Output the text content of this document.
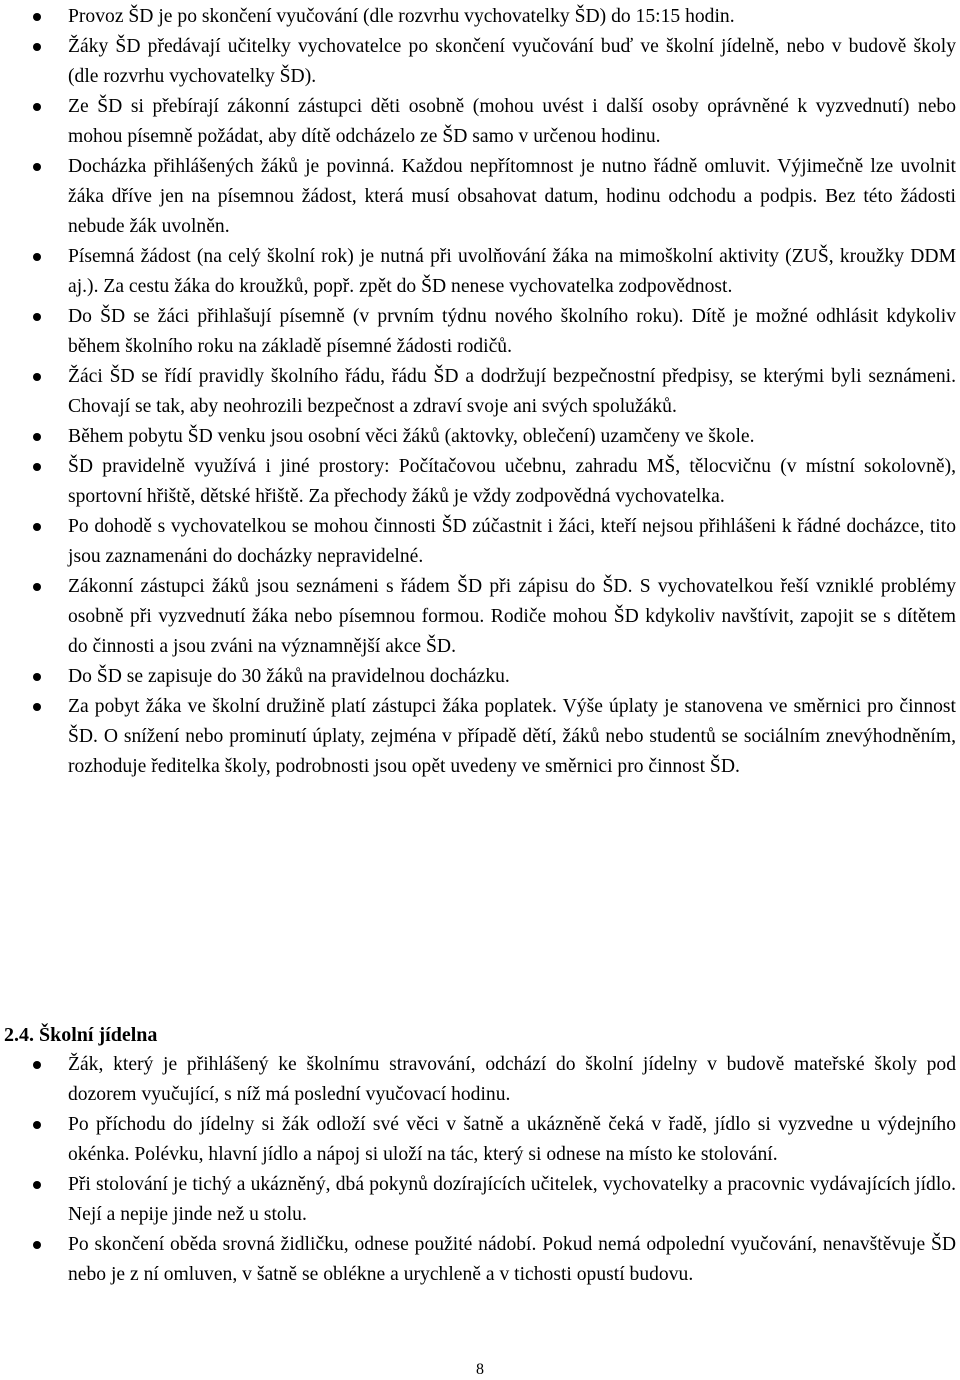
Provoz ŠD je po skončení vyučování (dle rozvrhu vychovatelky ŠD) do 15:15 hodin.
Žáky ŠD předávají učitelky vychovatelce po skončení vyučování buď ve školní jídelně, nebo v budově školy (dle rozvrhu vychovatelky ŠD).
Ze ŠD si přebírají zákonní zástupci děti osobně (mohou uvést i další osoby oprávněné k vyzvednutí) nebo mohou písemně požádat, aby dítě odcházelo ze ŠD samo v určenou hodinu.
Docházka přihlášených žáků je povinná. Každou nepřítomnost je nutno řádně omluvit. Výjimečně lze uvolnit žáka dříve jen na písemnou žádost, která musí obsahovat datum, hodinu odchodu a podpis. Bez této žádosti nebude žák uvolněn.
Písemná žádost (na celý školní rok) je nutná při uvolňování žáka na mimoškolní aktivity (ZUŠ, kroužky DDM aj.). Za cestu žáka do kroužků, popř. zpět do ŠD nenese vychovatelka zodpovědnost.
Do ŠD se žáci přihlašují písemně (v prvním týdnu nového školního roku). Dítě je možné odhlásit kdykoliv během školního roku na základě písemné žádosti rodičů.
Žáci ŠD se řídí pravidly školního řádu, řádu ŠD a dodržují bezpečnostní předpisy, se kterými byli seznámeni. Chovají se tak, aby neohrozili bezpečnost a zdraví svoje ani svých spolužáků.
Během pobytu ŠD venku jsou osobní věci žáků (aktovky, oblečení) uzamčeny ve škole.
ŠD pravidelně využívá i jiné prostory: Počítačovou učebnu, zahradu MŠ, tělocvičnu (v místní sokolovně), sportovní hřiště, dětské hřiště. Za přechody žáků je vždy zodpovědná vychovatelka.
Po dohodě s vychovatelkou se mohou činnosti ŠD zúčastnit i žáci, kteří nejsou přihlášeni k řádné docházce, tito jsou zaznamenáni do docházky nepravidelné.
Zákonní zástupci žáků jsou seznámeni s řádem ŠD při zápisu do ŠD. S vychovatelkou řeší vzniklé problémy osobně při vyzvednutí žáka nebo písemnou formou. Rodiče mohou ŠD kdykoliv navštívit, zapojit se s dítětem do činnosti a jsou zváni na významnější akce ŠD.
Do ŠD se zapisuje do 30 žáků na pravidelnou docházku.
Za pobyt žáka ve školní družině platí zástupci žáka poplatek. Výše úplaty je stanovena ve směrnici pro činnost ŠD. O snížení nebo prominutí úplaty, zejména v případě dětí, žáků nebo studentů se sociálním znevýhodněním, rozhoduje ředitelka školy, podrobnosti jsou opět uvedeny ve směrnici pro činnost ŠD.
2.4. Školní jídelna
Žák, který je přihlášený ke školnímu stravování, odchází do školní jídelny v budově mateřské školy pod dozorem vyučující, s níž má poslední vyučovací hodinu.
Po příchodu do jídelny si žák odloží své věci v šatně a ukázněně čeká v řadě, jídlo si vyzvedne u výdejního okénka. Polévku, hlavní jídlo a nápoj si uloží na tác, který si odnese na místo ke stolování.
Při stolování je tichý a ukázněný, dbá pokynů dozírajících učitelek, vychovatelky a pracovnic vydávajících jídlo. Nejí a nepije jinde než u stolu.
Po skončení oběda srovná židličku, odnese použité nádobí. Pokud nemá odpolední vyučování, nenavštěvuje ŠD nebo je z ní omluven, v šatně se oblékne a urychleně a v tichosti opustí budovu.
8
